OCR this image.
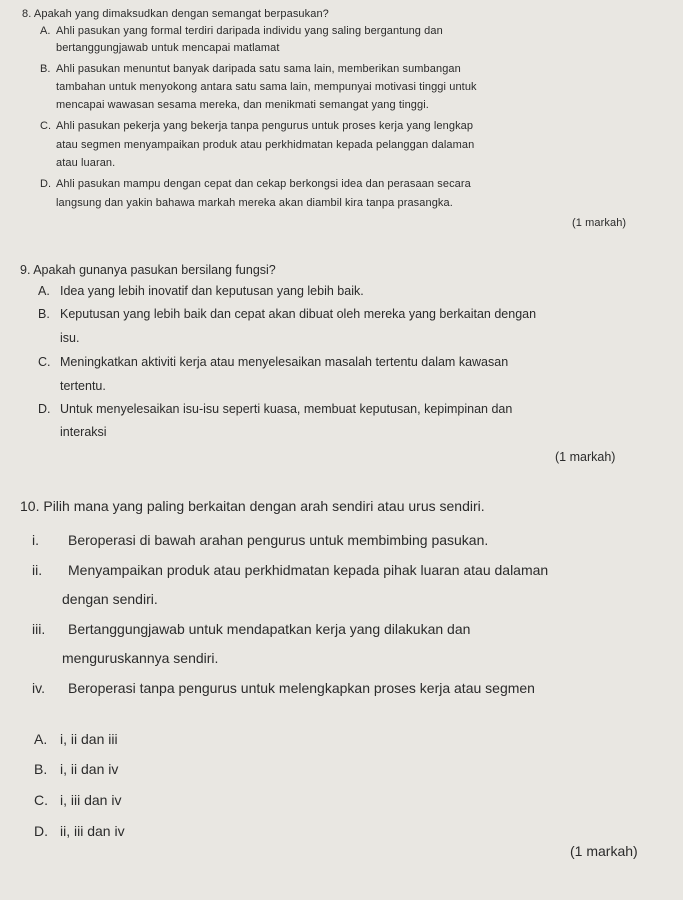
8. Apakah yang dimaksudkan dengan semangat berpasukan?
A. Ahli pasukan yang formal terdiri daripada individu yang saling bergantung dan
bertanggungjawab untuk mencapai matlamat
B. Ahli pasukan menuntut banyak daripada satu sama lain, memberikan sumbangan
tambahan untuk menyokong antara satu sama lain, mempunyai motivasi tinggi untuk
mencapai wawasan sesama mereka, dan menikmati semangat yang tinggi.
C. Ahli pasukan pekerja yang bekerja tanpa pengurus untuk proses kerja yang lengkap
atau segmen menyampaikan produk atau perkhidmatan kepada pelanggan dalaman
atau luaran.
D. Ahli pasukan mampu dengan cepat dan cekap berkongsi idea dan perasaan secara
langsung dan yakin bahawa markah mereka akan diambil kira tanpa prasangka.
(1 markah)
9. Apakah gunanya pasukan bersilang fungsi?
A. Idea yang lebih inovatif dan keputusan yang lebih baik.
B. Keputusan yang lebih baik dan cepat akan dibuat oleh mereka yang berkaitan dengan
isu.
C. Meningkatkan aktiviti kerja atau menyelesaikan masalah tertentu dalam kawasan
tertentu.
D. Untuk menyelesaikan isu-isu seperti kuasa, membuat keputusan, kepimpinan dan
interaksi
(1 markah)
10. Pilih mana yang paling berkaitan dengan arah sendiri atau urus sendiri.
i. Beroperasi di bawah arahan pengurus untuk membimbing pasukan.
ii. Menyampaikan produk atau perkhidmatan kepada pihak luaran atau dalaman
dengan sendiri.
iii. Bertanggungjawab untuk mendapatkan kerja yang dilakukan dan
menguruskannya sendiri.
iv. Beroperasi tanpa pengurus untuk melengkapkan proses kerja atau segmen
A. i, ii dan iii
B. i, ii dan iv
C. i, iii dan iv
D. ii, iii dan iv
(1 markah)
